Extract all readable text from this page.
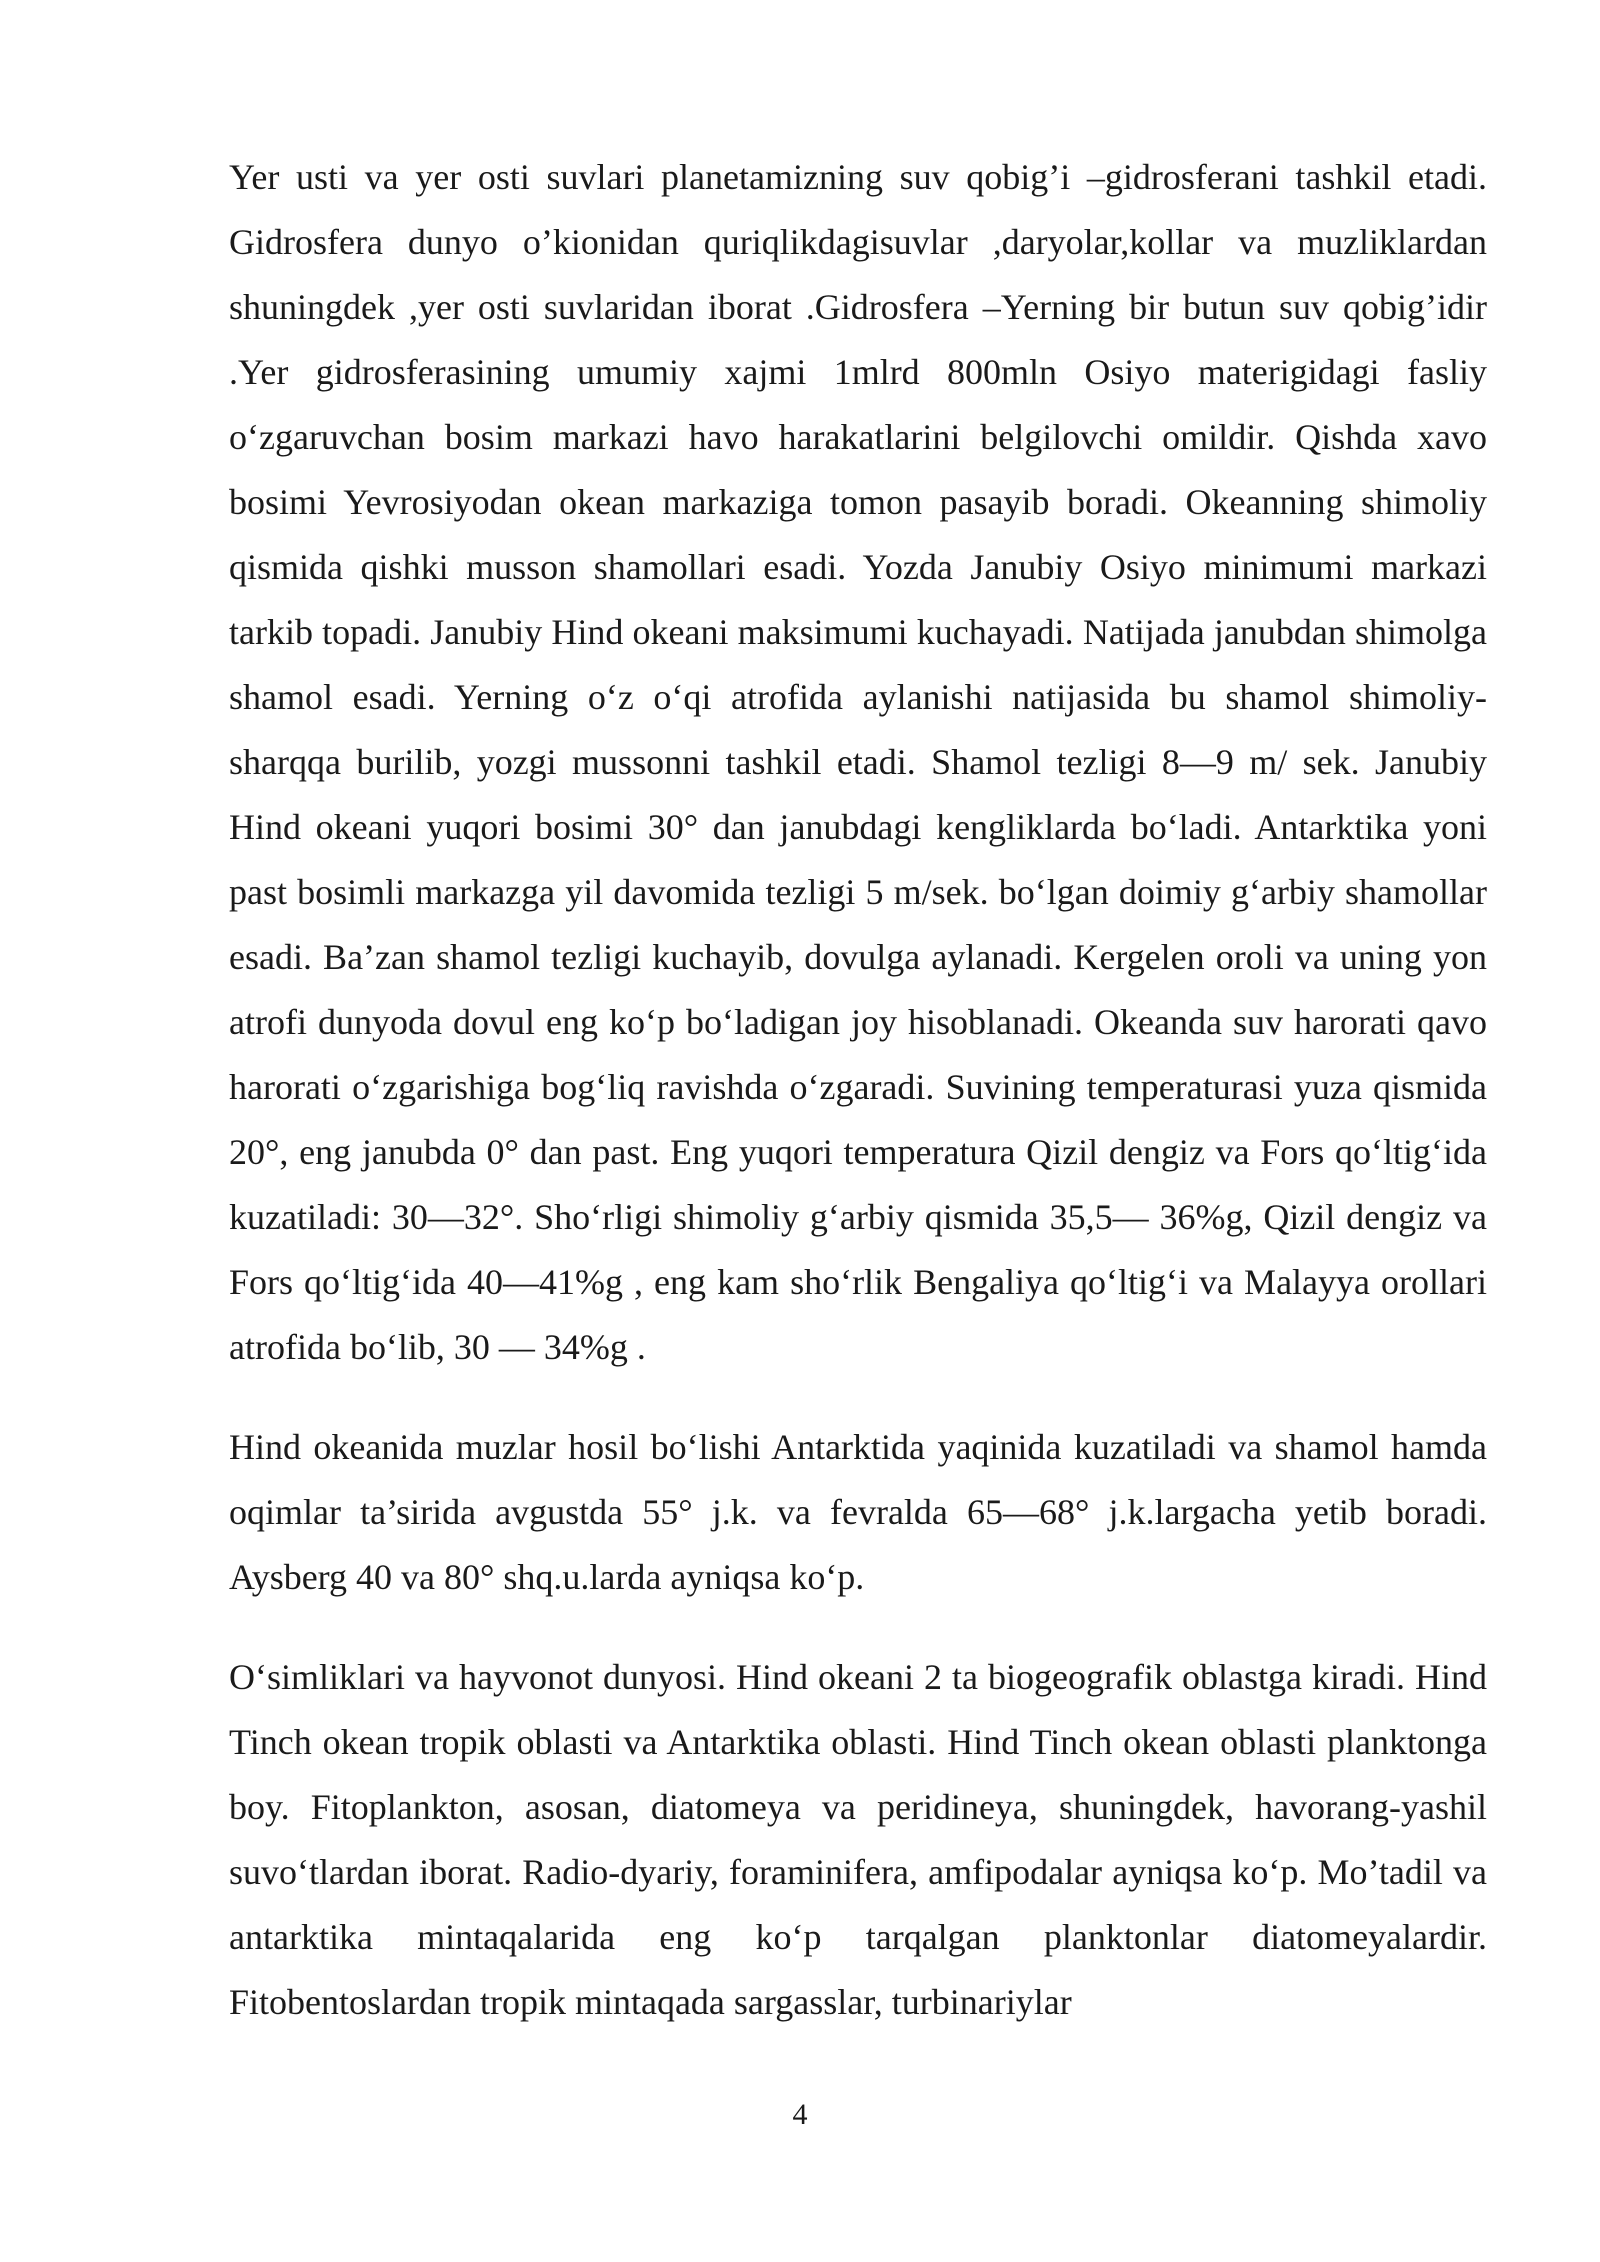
Yer usti va yer osti suvlari planetamizning suv qobig’i –gidrosferani tashkil etadi. Gidrosfera dunyo o’kionidan quriqlikdagisuvlar ,daryolar,kollar va muzliklardan shuningdek ,yer osti suvlaridan iborat .Gidrosfera –Yerning bir butun suv qobig’idir .Yer gidrosferasining umumiy xajmi 1mlrd 800mln Osiyo materigidagi fasliy oʻzgaruvchan bosim markazi havo harakatlarini belgilovchi omildir. Qishda xavo bosimi Yevrosiyodan okean markaziga tomon pasayib boradi. Okeanning shimoliy qismida qishki musson shamollari esadi. Yozda Janubiy Osiyo minimumi markazi tarkib topadi. Janubiy Hind okeani maksimumi kuchayadi. Natijada janubdan shimolga shamol esadi. Yerning oʻz oʻqi atrofida aylanishi natijasida bu shamol shimoliy-sharqqa burilib, yozgi mussonni tashkil etadi. Shamol tezligi 8—9 m/ sek. Janubiy Hind okeani yuqori bosimi 30° dan janubdagi kengliklarda boʻladi. Antarktika yoni past bosimli markazga yil davomida tezligi 5 m/sek. boʻlgan doimiy gʻarbiy shamollar esadi. Ba’zan shamol tezligi kuchayib, dovulga aylanadi. Kergelen oroli va uning yon atrofi dunyoda dovul eng koʻp boʻladigan joy hisoblanadi. Okeanda suv harorati qavo harorati oʻzgarishiga bogʻliq ravishda oʻzgaradi. Suvining temperaturasi yuza qismida 20°, eng janubda 0° dan past. Eng yuqori temperatura Qizil dengiz va Fors qoʻltigʻida kuzatiladi: 30—32°. Shoʻrligi shimoliy gʻarbiy qismida 35,5— 36%g, Qizil dengiz va Fors qoʻltigʻida 40—41%g , eng kam shoʻrlik Bengaliya qoʻltigʻi va Malayya orollari atrofida boʻlib, 30 — 34%g .

Hind okeanida muzlar hosil boʻlishi Antarktida yaqinida kuzatiladi va shamol hamda oqimlar ta’sirida avgustda 55° j.k. va fevralda 65—68° j.k.largacha yetib boradi. Aysberg 40 va 80° shq.u.larda ayniqsa koʻp.

Oʻsimliklari va hayvonot dunyosi. Hind okeani 2 ta biogeografik oblastga kiradi. Hind Tinch okean tropik oblasti va Antarktika oblasti. Hind Tinch okean oblasti planktonga boy. Fitoplankton, asosan, diatomeya va peridineya, shuningdek, havorang-yashil suvoʻtlardan iborat. Radio-dyariy, foraminifera, amfipodalar ayniqsa koʻp. Mo’tadil va antarktika mintaqalarida eng koʻp tarqalgan planktonlar diatomeyalardir. Fitobentoslardan tropik mintaqada sargasslar, turbinariylar

4
